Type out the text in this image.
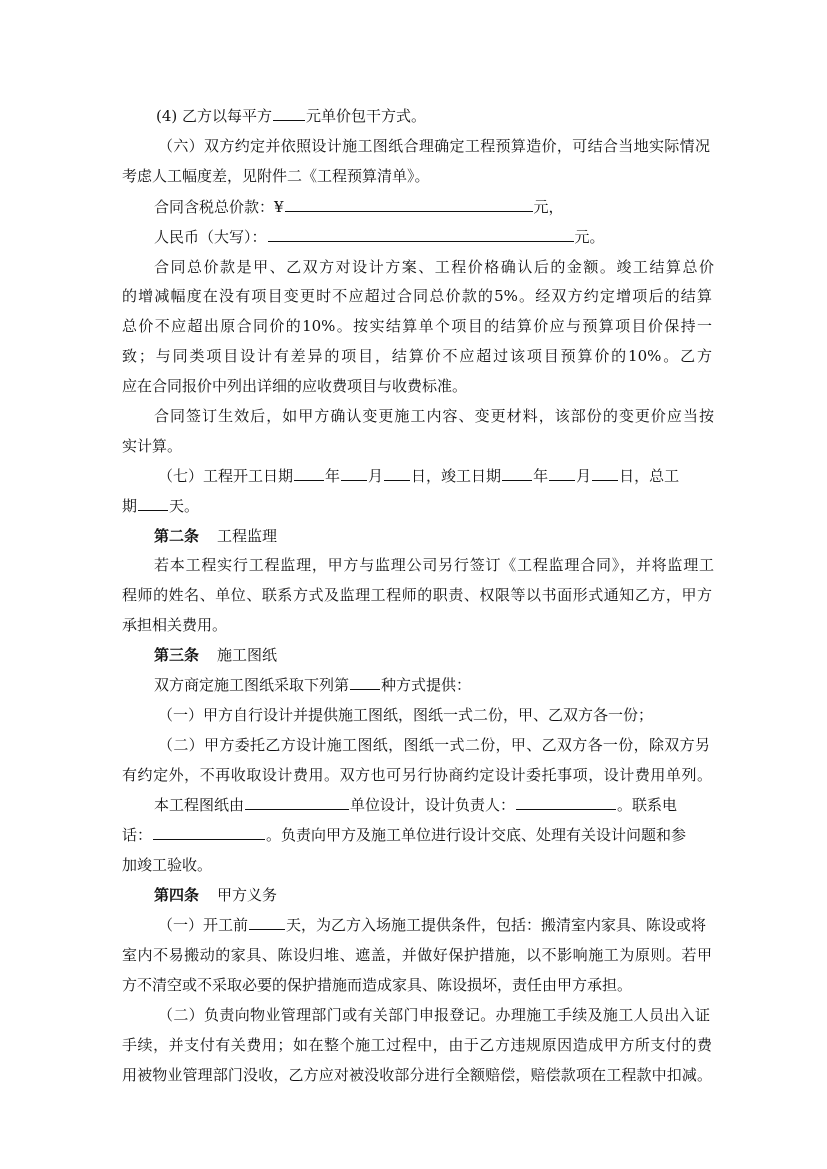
(4) 乙方以每平方 元单价包干方式。
（六）双方约定并依照设计施工图纸合理确定工程预算造价，可结合当地实际情况
考虑人工幅度差，见附件二《工程预算清单》。
合同含税总价款：¥	元，
人民币（大写）：	元。
合同总价款是甲、乙双方对设计方案、工程价格确认后的金额。竣工结算总价
的增减幅度在没有项目变更时不应超过合同总价款的5%。经双方约定增项后的结算
总价不应超出原合同价的10%。按实结算单个项目的结算价应与预算项目价保持一
致；与同类项目设计有差异的项目，结算价不应超过该项目预算价的10%。乙方
应在合同报价中列出详细的应收费项目与收费标准。
合同签订生效后，如甲方确认变更施工内容、变更材料，该部份的变更价应当按
实计算。
（七）工程开工日期 年 月 日，竣工日期 年 月 日，总工
期 天。
第二条 工程监理
若本工程实行工程监理，甲方与监理公司另行签订《工程监理合同》，并将监理工
程师的姓名、单位、联系方式及监理工程师的职责、权限等以书面形式通知乙方，甲方
承担相关费用。
第三条 施工图纸
双方商定施工图纸采取下列第 种方式提供：
（一）甲方自行设计并提供施工图纸，图纸一式二份，甲、乙双方各一份；
（二）甲方委托乙方设计施工图纸，图纸一式二份，甲、乙双方各一份，除双方另
有约定外，不再收取设计费用。双方也可另行协商约定设计委托事项，设计费用单列。
本工程图纸由	单位设计，设计负责人：	。联系电
话：	。负责向甲方及施工单位进行设计交底、处理有关设计问题和参
加竣工验收。
第四条 甲方义务
（一）开工前	天，为乙方入场施工提供条件，包括：搬清室内家具、陈设或将
室内不易搬动的家具、陈设归堆、遮盖，并做好保护措施，以不影响施工为原则。若甲
方不清空或不采取必要的保护措施而造成家具、陈设损坏，责任由甲方承担。
（二）负责向物业管理部门或有关部门申报登记。办理施工手续及施工人员出入证
手续，并支付有关费用；如在整个施工过程中，由于乙方违规原因造成甲方所支付的费
用被物业管理部门没收，乙方应对被没收部分进行全额赔偿，赔偿款项在工程款中扣减。
